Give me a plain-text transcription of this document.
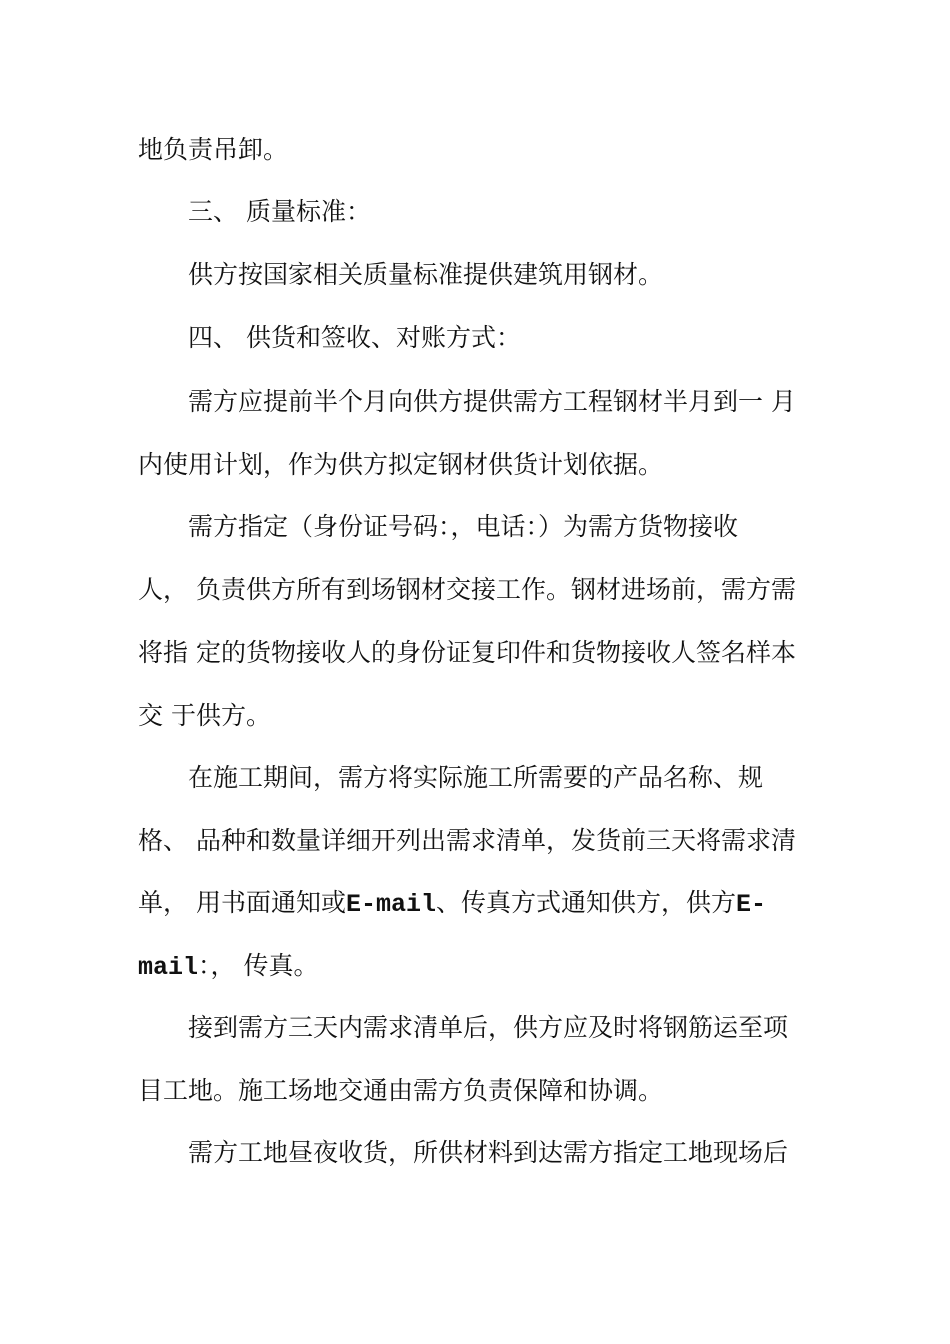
地负责吊卸。
三、 质量标准：
供方按国家相关质量标准提供建筑用钢材。
四、 供货和签收、对账方式：
需方应提前半个月向供方提供需方工程钢材半月到一 月
内使用计划，作为供方拟定钢材供货计划依据。
需方指定（身份证号码：，电话：）为需方货物接收
人， 负责供方所有到场钢材交接工作。钢材进场前，需方需
将指 定的货物接收人的身份证复印件和货物接收人签名样本
交 于供方。
在施工期间，需方将实际施工所需要的产品名称、规
格、 品种和数量详细开列出需求清单，发货前三天将需求清
单， 用书面通知或E-mail、传真方式通知供方，供方E-
mail：， 传真。
接到需方三天内需求清单后，供方应及时将钢筋运至项
目工地。施工场地交通由需方负责保障和协调。
需方工地昼夜收货，所供材料到达需方指定工地现场后
